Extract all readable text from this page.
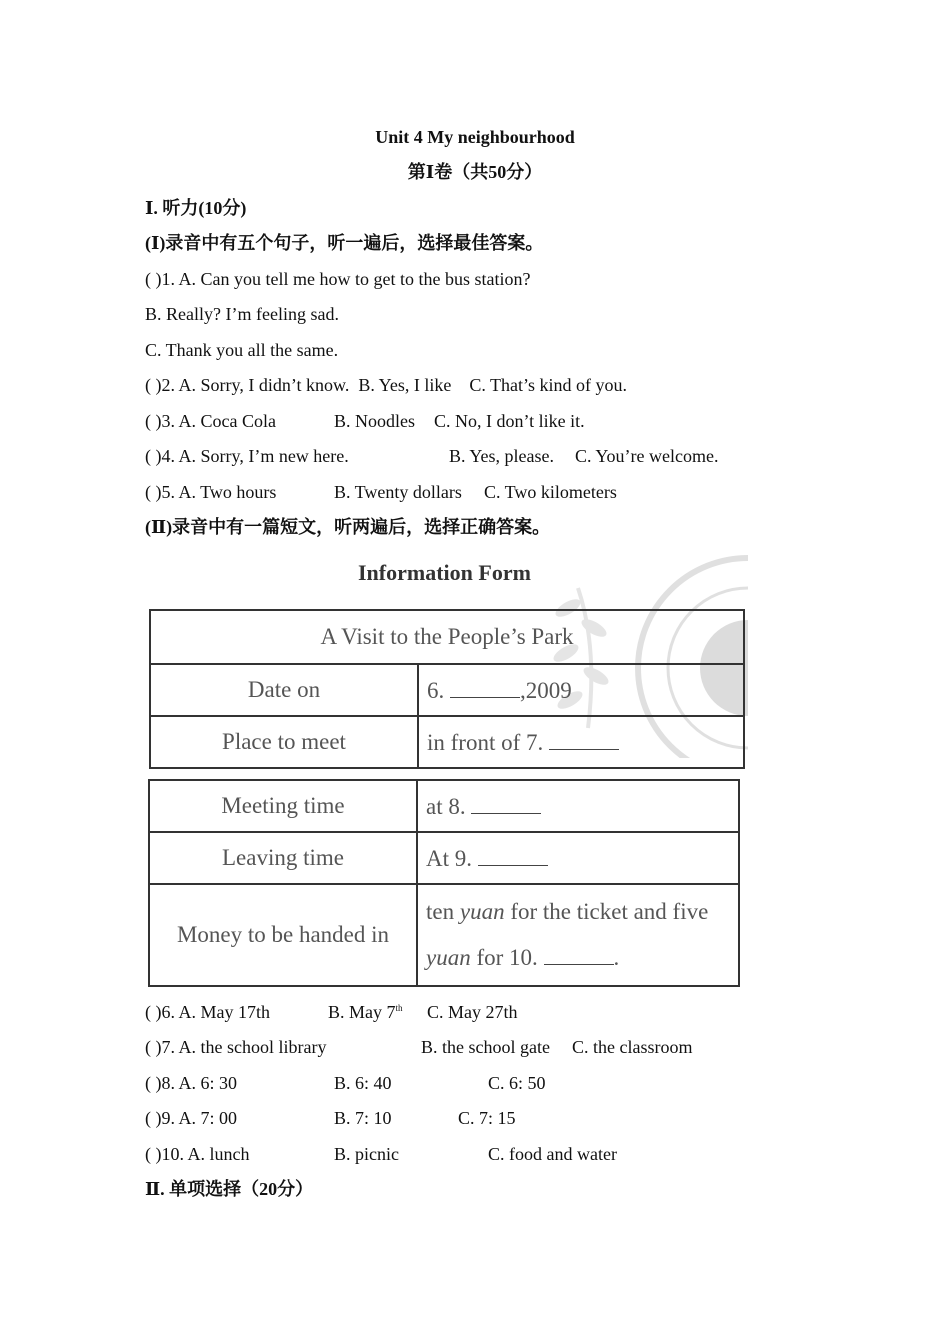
Unit 4 My neighbourhood
第Ⅰ卷（共50分）
Ⅰ. 听力(10分)
(Ⅰ)录音中有五个句子，听一遍后，选择最佳答案。
( )1. A. Can you tell me how to get to the bus station?
B. Really? I’m feeling sad.
C. Thank you all the same.
( )2. A. Sorry, I didn’t know. B. Yes, I like C. That’s kind of you.
( )3. A. Coca Cola	B. Noodles C. No, I don’t like it.
( )4. A. Sorry, I’m new here.	B. Yes, please. C. You’re welcome.
( )5. A. Two hours	B. Twenty dollars C. Two kilometers
(Ⅱ)录音中有一篇短文，听两遍后，选择正确答案。
Information Form
A Visit to the People’s Park	
Date on	6. ,2009
Place to meet	in front of 7.
Meeting time	at 8.
Leaving time	At 9.
Money to be handed in	ten yuan for the ticket and five
yuan for 10. .
( )6. A. May 17th	B. May 7th C. May 27th
( )7. A. the school library	B. the school gate C. the classroom
( )8. A. 6: 30	B. 6: 40	C. 6: 50
( )9. A. 7: 00	B. 7: 10	C. 7: 15
( )10. A. lunch	B. picnic	C. food and water
Ⅱ. 单项选择（20分）
